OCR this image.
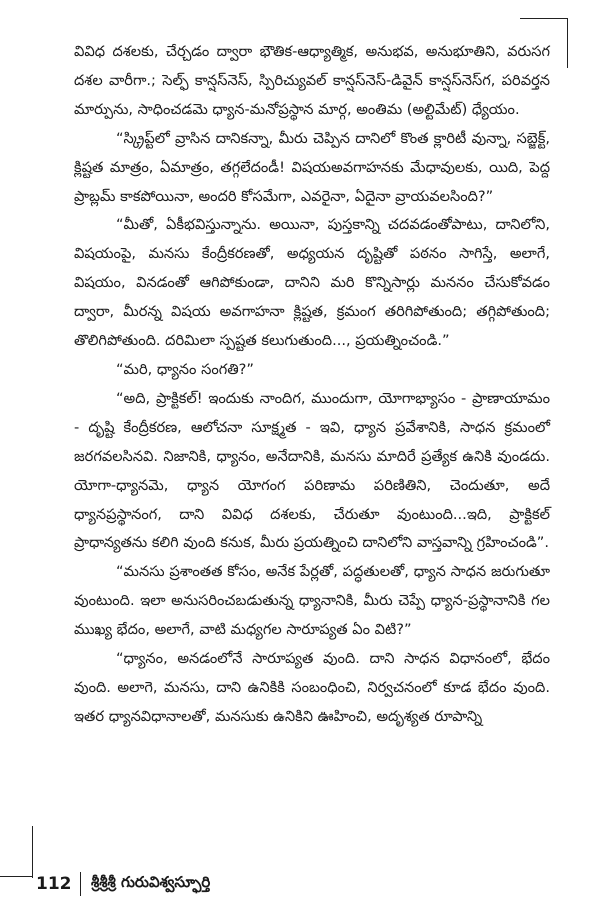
వివిధ దశలకు, చేర్చడం ద్వారా భౌతిక-ఆధ్యాత్మిక, అనుభవ, అనుభూతిని, వరుసగ దశల వారీగా.; సెల్ఫ్ కాన్షస్‌నెస్, స్పిరిచ్యువల్ కాన్షస్‌నెస్-డివైన్ కాన్షస్‌నెస్‌గ, పరివర్తన మార్పును, సాధించడమె ధ్యాన-మనోప్రస్థాన మార్గ, అంతిమ (అల్టిమేట్) ధ్యేయం.

“స్క్రిప్ట్‌లో వ్రాసిన దానికన్నా, మీరు చెప్పిన దానిలో కొంత క్లారిటీ వున్నా, సబ్జెక్ట్, క్లిష్టత మాత్రం, ఏమాత్రం, తగ్గలేదండీ! విషయఅవగాహనకు మేధావులకు, యిది, పెద్ద ప్రాబ్లమ్ కాకపోయినా, అందరి కోసమేగా, ఎవరైనా, ఏదైనా వ్రాయవలసింది?”

“మీతో, ఏకీభవిస్తున్నాను. అయినా, పుస్తకాన్ని చదవడంతోపాటు, దానిలోని, విషయంపై, మనసు కేంద్రీకరణతో, అధ్యయన దృష్టితో పఠనం సాగిస్తే, అలాగే, విషయం, వినడంతో ఆగిపోకుండా, దానిని మరి కొన్నిసార్లు మననం చేసుకోవడం ద్వారా, మీరన్న విషయ అవగాహనా క్లిష్టత, క్రమంగ తరిగిపోతుంది; తగ్గిపోతుంది; తొలిగిపోతుంది. దరిమిలా స్పష్టత కలుగుతుంది..., ప్రయత్నించండి.”

“మరి, ధ్యానం సంగతి?”

“అది, ప్రాక్టికల్! ఇందుకు నాందిగ, ముందుగా, యోగాభ్యాసం - ప్రాణాయామం - దృష్టి కేంద్రీకరణ, ఆలోచనా సూక్ష్మత - ఇవి, ధ్యాన ప్రవేశానికి, సాధన క్రమంలో జరగవలసినవి. నిజానికి, ధ్యానం, అనేదానికి, మనసు మాదిరే ప్రత్యేక ఉనికి వుండదు. యోగా-ధ్యానమె, ధ్యాన యోగంగ పరిణామ పరిణితిని, చెందుతూ, అదే ధ్యానప్రస్థానంగ, దాని వివిధ దశలకు, చేరుతూ వుంటుంది...ఇది, ప్రాక్టికల్ ప్రాధాన్యతను కలిగి వుంది కనుక, మీరు ప్రయత్నించి దానిలోని వాస్తవాన్ని గ్రహించండి”.

“మనసు ప్రశాంతత కోసం, అనేక పేర్లతో, పద్ధతులతో, ధ్యాన సాధన జరుగుతూ వుంటుంది. ఇలా అనుసరించబడుతున్న ధ్యానానికి, మీరు చెప్పే ధ్యాన-ప్రస్థానానికి గల ముఖ్య భేదం, అలాగే, వాటి మధ్యగల సారూప్యత ఏం విటి?”

“ధ్యానం, అనడంలోనే సారూప్యత వుంది. దాని సాధన విధానంలో, భేదం వుంది. అలాగె, మనసు, దాని ఉనికికి సంబంధించి, నిర్వచనంలో కూడ భేదం వుంది. ఇతర ధ్యానవిధానాలతో, మనసుకు ఉనికిని ఊహించి, అదృశ్యత రూపాన్ని

112 శ్రీశ్రీశ్రీ గురువిశ్వస్ఫూర్తి
